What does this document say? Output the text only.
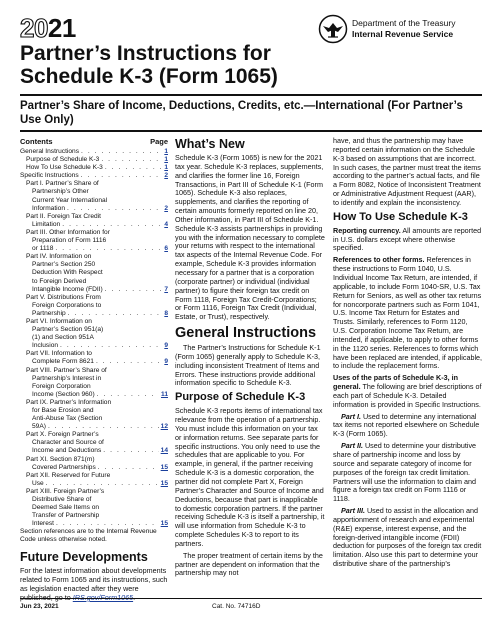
2021	Department of the Treasury
Internal Revenue Service
Partner’s Instructions for
Schedule K-3 (Form 1065)
Partner’s Share of Income, Deductions, Credits, etc.—International (For Partner’s Use Only)
Contents	Page
General Instructions . . .	1
Purpose of Schedule K-3 . . .	1
How To Use Schedule K-3 . . .	1
Specific Instructions . . .	2
Part I. Partner’s Share of
Partnership’s Other
Current Year International
Information . . .	2
Part II. Foreign Tax Credit
Limitation . . .	4
Part III. Other Information for
Preparation of Form 1116
or 1118 . . .	6
Part IV. Information on
Partner’s Section 250
Deduction With Respect
to Foreign Derived
Intangible Income (FDII) . . .	7
Part V. Distributions From
Foreign Corporations to
Partnership . . .	8
Part VI. Information on
Partner’s Section 951(a)
(1) and Section 951A
Inclusion . . .	9
Part VII. Information to
Complete Form 8621 . . .	9
Part VIII. Partner’s Share of
Partnership’s Interest in
Foreign Corporation
Income (Section 960) . . .	11
Part IX. Partner’s Information
for Base Erosion and
Anti-Abuse Tax (Section
59A) . . .	12
Part X. Foreign Partner’s
Character and Source of
Income and Deductions . . .	14
Part XI. Section 871(m)
Covered Partnerships . . .	15
Part XII. Reserved for Future
Use . . .	15
Part XIII. Foreign Partner’s
Distributive Share of
Deemed Sale Items on
Transfer of Partnership
Interest . . .	15

Section references are to the Internal Revenue Code unless otherwise noted.

Future Developments

For the latest information about developments related to Form 1065 and its instructions, such as legislation enacted after they were

What’s New

Schedule K-3 (Form 1065) is new for the 2021 tax year. Schedule K-3 replaces, supplements, and clarifies the former line 16, Foreign Transactions, in Part III of Schedule K-1 (Form 1065). Schedule K-3 also replaces, supplements, and clarifies the reporting of certain amounts formerly reported on line 20, Other information, in Part III of Schedule K-1. Schedule K-3 assists partnerships in providing you with the information necessary to complete your returns with respect to the international tax aspects of the Internal Revenue Code. For example, Schedule K-3 provides information necessary for a partner that is a corporation (corporate partner) or individual (individual partner) to figure their foreign tax credit on Form 1118, Foreign Tax Credit-Corporations; or Form 1116, Foreign Tax Credit (Individual, Estate, or Trust), respectively.

General Instructions

The Partner’s Instructions for Schedule K-1 (Form 1065) generally apply to Schedule K-3, including inconsistent Treatment of Items and Errors. These instructions provide additional information specific to Schedule K-3.

Purpose of Schedule K-3

Schedule K-3 reports items of international tax relevance from the operation of a partnership. You must include this information on your tax or information returns. See separate parts for specific instructions. You only need to use the schedules that are applicable to you. For example, in general, if the partner receiving Schedule K-3 is a domestic corporation, the partner did not complete Part X, Foreign Partner’s Character and Source of Income and Deductions, because that part is inapplicable to domestic corporation partners. If the partner receiving Schedule K-3 is itself a partnership, it will use information from Schedule K-3 to complete Schedules K-3 to report to its partners.

The proper treatment of certain items by the partner are dependent on information that the partnership may not

have, and thus the partnership may have reported certain information on the Schedule K-3 based on assumptions that are incorrect. In such cases, the partner must treat the items according to the partner’s actual facts, and file a Form 8082, Notice of Inconsistent Treatment or Administrative Adjustment Request (AAR), to identify and explain the inconsistency.

How To Use Schedule K-3

Reporting currency. All amounts are reported in U.S. dollars except where otherwise specified.

References to other forms. References in these instructions to Form 1040, U.S. Individual Income Tax Return, are intended, if applicable, to include Form 1040-SR, U.S. Tax Return for Seniors, as well as other tax returns for noncorporate partners such as Form 1041, U.S. Income Tax Return for Estates and Trusts. Similarly, references to Form 1120, U.S. Corporation Income Tax Return, are intended, if applicable, to apply to other forms in the 1120 series. References to forms which have been replaced are intended, if applicable, to include the replacement forms.

Uses of the parts of Schedule K-3, in general. The following are brief descriptions of each part of Schedule K-3. Detailed information is provided in Specific Instructions.

Part I. Used to determine any international tax items not reported elsewhere on Schedule K-3 (Form 1065).

Part II. Used to determine your distributive share of partnership income and loss by source and separate category of income for purposes of the foreign tax credit limitation. Partners will use the information to claim and figure a foreign tax credit on Form 1116 or 1118.

Part III. Used to assist in the allocation and apportionment of research and experimental (R&E) expense, interest expense, and the foreign-derived intangible income (FDII) deduction for purposes of the foreign tax credit limitation. Also use this part to determine your distributive share of the partnership’s

Jun 23, 2021	Cat. No. 74716D
